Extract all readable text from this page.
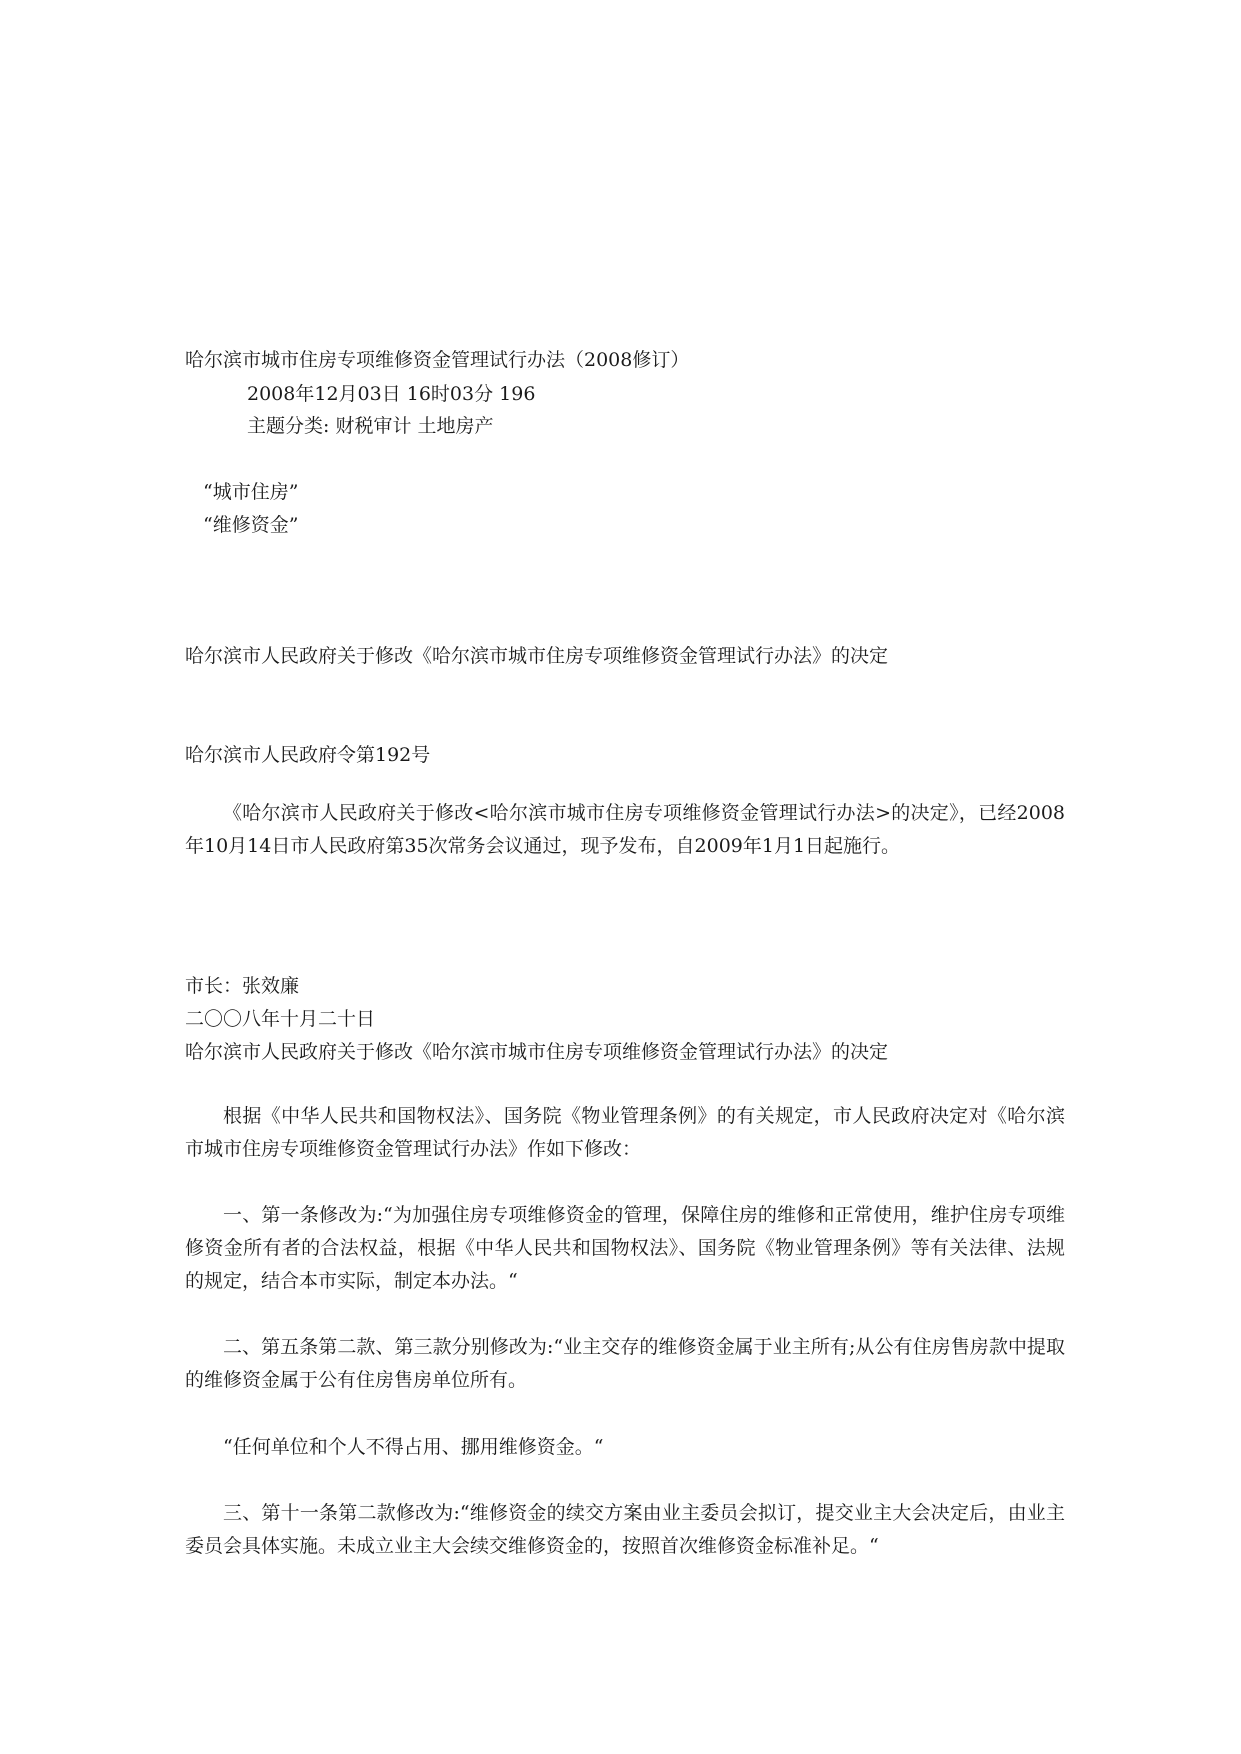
哈尔滨市城市住房专项维修资金管理试行办法（2008修订）
2008年12月03日 16时03分 196
主题分类: 财税审计 土地房产
“城市住房”
“维修资金”
哈尔滨市人民政府关于修改《哈尔滨市城市住房专项维修资金管理试行办法》的决定
哈尔滨市人民政府令第192号

《哈尔滨市人民政府关于修改<哈尔滨市城市住房专项维修资金管理试行办法>的决定》，已经2008年10月14日市人民政府第35次常务会议通过，现予发布，自2009年1月1日起施行。

市长：张效廉
二〇〇八年十月二十日
哈尔滨市人民政府关于修改《哈尔滨市城市住房专项维修资金管理试行办法》的决定

根据《中华人民共和国物权法》、国务院《物业管理条例》的有关规定，市人民政府决定对《哈尔滨市城市住房专项维修资金管理试行办法》作如下修改：

一、第一条修改为:“为加强住房专项维修资金的管理，保障住房的维修和正常使用，维护住房专项维修资金所有者的合法权益，根据《中华人民共和国物权法》、国务院《物业管理条例》等有关法律、法规的规定，结合本市实际，制定本办法。“

二、第五条第二款、第三款分别修改为:“业主交存的维修资金属于业主所有;从公有住房售房款中提取的维修资金属于公有住房售房单位所有。

“任何单位和个人不得占用、挪用维修资金。“

三、第十一条第二款修改为:“维修资金的续交方案由业主委员会拟订，提交业主大会决定后，由业主委员会具体实施。未成立业主大会续交维修资金的，按照首次维修资金标准补足。“
